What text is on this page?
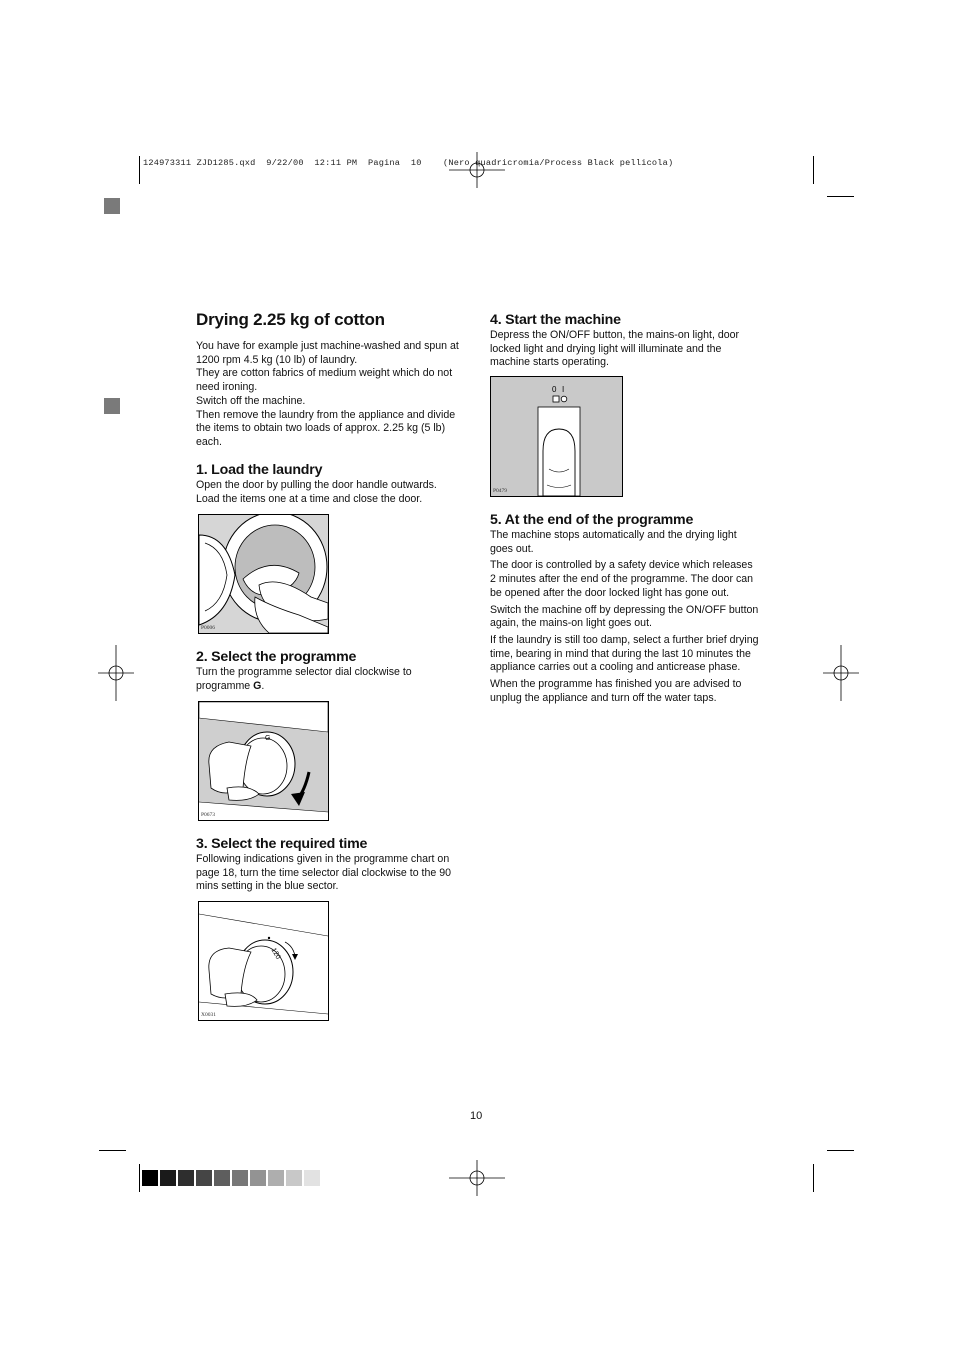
124973311 ZJD1285.qxd  9/22/00  12:11 PM  Pagina  10    (Nero quadricromia/Process Black pellicola)
Drying 2.25 kg of cotton

You have for example just machine-washed and spun at 1200 rpm 4.5 kg (10 lb) of laundry.

They are cotton fabrics of medium weight which do not need ironing.

Switch off the machine.

Then remove the laundry from the appliance and divide the items to obtain two loads of approx. 2.25 kg (5 lb) each.

1. Load the laundry

Open the door by pulling the door handle outwards.

Load the items one at a time and close the door.

P0006
2. Select the programme

Turn the programme selector dial clockwise to programme G.

G
P0673
3. Select the required time

Following indications given in the programme chart on page 18, turn the time selector dial clockwise to the 90 mins setting in the blue sector.

120
X0031
4. Start the machine

Depress the ON/OFF button, the mains-on light, door locked light and drying light will illuminate and the machine starts operating.

0 I
P0479
5. At the end of the programme

The machine stops automatically and the drying light goes out.

The door is controlled by a safety device which releases 2 minutes after the end of the programme. The door can be opened after the door locked light has gone out.

Switch the machine off by depressing the ON/OFF button again, the mains-on light goes out.

If the laundry is still too damp, select a further brief drying time, bearing in mind that during the last 10 minutes the appliance carries out a cooling and anticrease phase.

When the programme has finished you are advised to unplug the appliance and turn off the water taps.

10
